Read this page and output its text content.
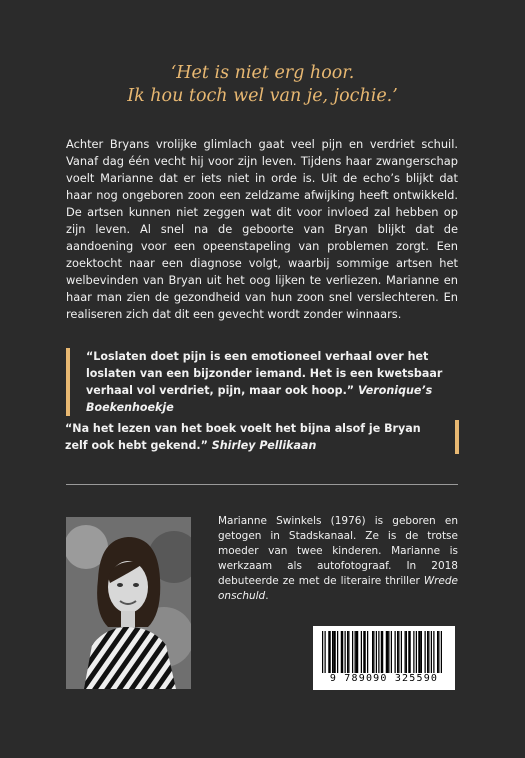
‘Het is niet erg hoor.
Ik hou toch wel van je, jochie.’

Achter Bryans vrolijke glimlach gaat veel pijn en verdriet schuil. Vanaf dag één vecht hij voor zijn leven. Tijdens haar zwangerschap voelt Marianne dat er iets niet in orde is. Uit de echo’s blijkt dat haar nog ongeboren zoon een zeldzame afwijking heeft ontwikkeld. De artsen kunnen niet zeggen wat dit voor invloed zal hebben op zijn leven. Al snel na de geboorte van Bryan blijkt dat de aandoening voor een opeenstapeling van problemen zorgt. Een zoektocht naar een diagnose volgt, waarbij sommige artsen het welbevinden van Bryan uit het oog lijken te verliezen. Marianne en haar man zien de gezondheid van hun zoon snel verslechteren. En realiseren zich dat dit een gevecht wordt zonder winnaars.

“Loslaten doet pijn is een emotioneel verhaal over het loslaten van een bijzonder iemand. Het is een kwetsbaar verhaal vol verdriet, pijn, maar ook hoop.” Veronique’s Boekenhoekje
“Na het lezen van het boek voelt het bijna alsof je Bryan zelf ook hebt gekend.” Shirley Pellikaan

Marianne Swinkels (1976) is geboren en getogen in Stadskanaal. Ze is de trotse moeder van twee kinderen. Marianne is werkzaam als autofotograaf. In 2018 debuteerde ze met de literaire thriller Wrede onschuld.

9 789090 325590
